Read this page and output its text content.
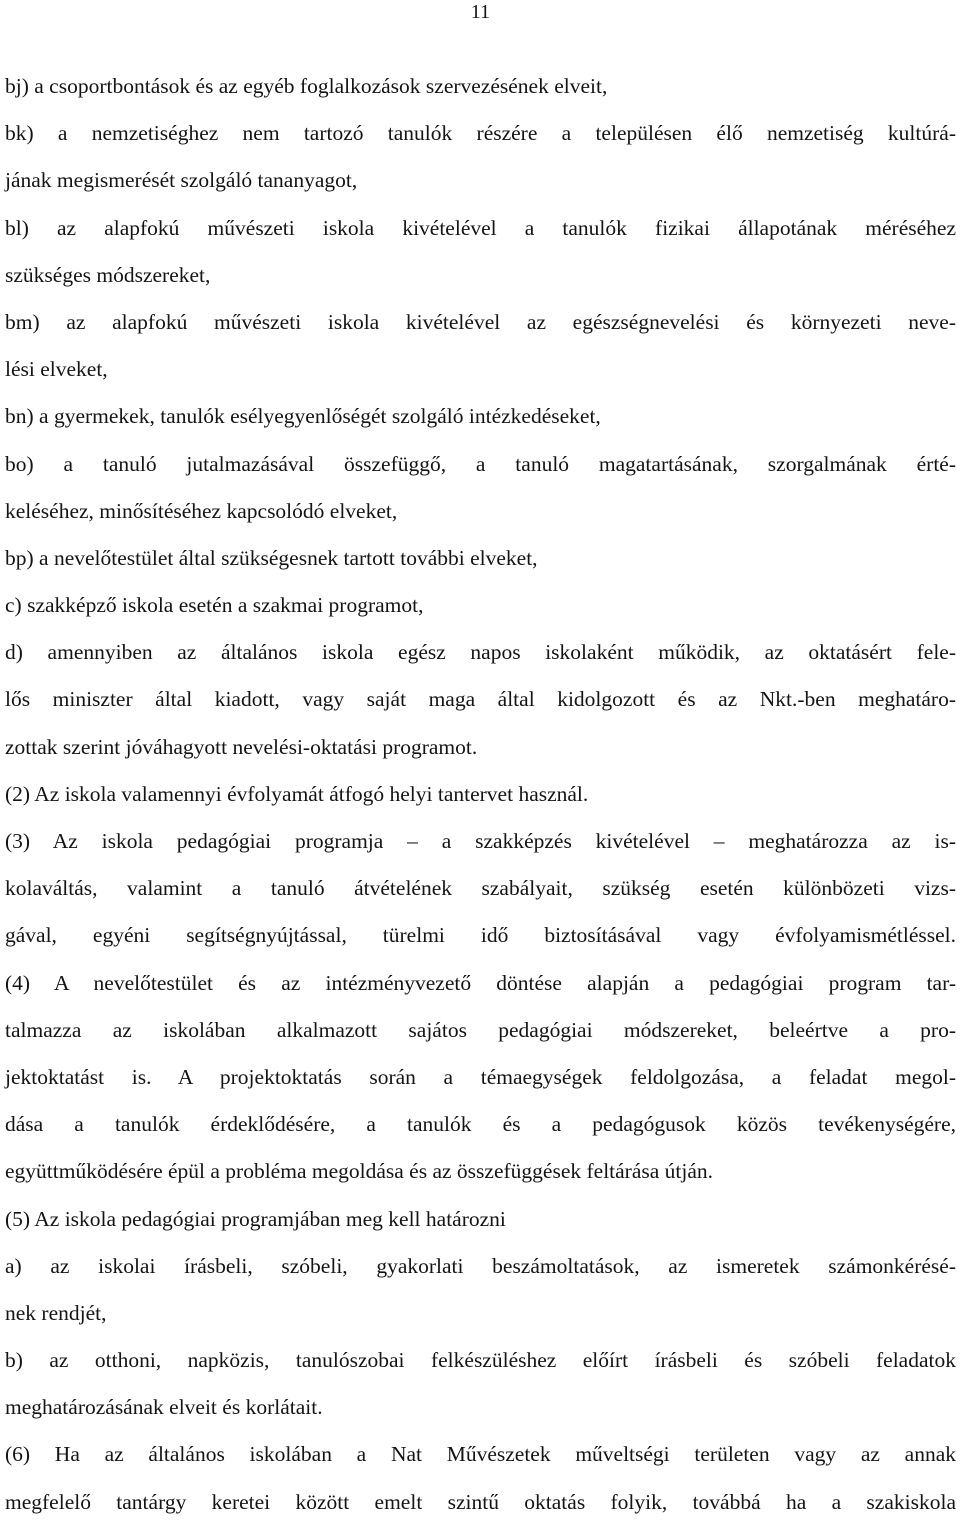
11
bj) a csoportbontások és az egyéb foglalkozások szervezésének elveit,
bk) a nemzetiséghez nem tartozó tanulók részére a településen élő nemzetiség kultúrá-
jának megismerését szolgáló tananyagot,
bl) az alapfokú művészeti iskola kivételével a tanulók fizikai állapotának méréséhez
szükséges módszereket,
bm) az alapfokú művészeti iskola kivételével az egészségnevelési és környezeti neve-
lési elveket,
bn) a gyermekek, tanulók esélyegyenlőségét szolgáló intézkedéseket,
bo) a tanuló jutalmazásával összefüggő, a tanuló magatartásának, szorgalmának érté-
keléséhez, minősítéséhez kapcsolódó elveket,
bp) a nevelőtestület által szükségesnek tartott további elveket,
c) szakképző iskola esetén a szakmai programot,
d) amennyiben az általános iskola egész napos iskolaként működik, az oktatásért fele-
lős miniszter által kiadott, vagy saját maga által kidolgozott és az Nkt.-ben meghatáro-
zottak szerint jóváhagyott nevelési-oktatási programot.
(2) Az iskola valamennyi évfolyamát átfogó helyi tantervet használ.
(3) Az iskola pedagógiai programja – a szakképzés kivételével – meghatározza az is-
kolaváltás, valamint a tanuló átvételének szabályait, szükség esetén különbözeti vizs-
gával, egyéni segítségnyújtással, türelmi idő biztosításával vagy évfolyamismétléssel.
(4) A nevelőtestület és az intézményvezető döntése alapján a pedagógiai program tar-
talmazza az iskolában alkalmazott sajátos pedagógiai módszereket, beleértve a pro-
jektoktatást is. A projektoktatás során a témaegységek feldolgozása, a feladat megol-
dása a tanulók érdeklődésére, a tanulók és a pedagógusok közös tevékenységére,
együttműködésére épül a probléma megoldása és az összefüggések feltárása útján.
(5) Az iskola pedagógiai programjában meg kell határozni
a) az iskolai írásbeli, szóbeli, gyakorlati beszámoltatások, az ismeretek számonkérésé-
nek rendjét,
b) az otthoni, napközis, tanulószobai felkészüléshez előírt írásbeli és szóbeli feladatok
meghatározásának elveit és korlátait.
(6) Ha az általános iskolában a Nat Művészetek műveltségi területen vagy az annak
megfelelő tantárgy keretei között emelt szintű oktatás folyik, továbbá ha a szakiskola
